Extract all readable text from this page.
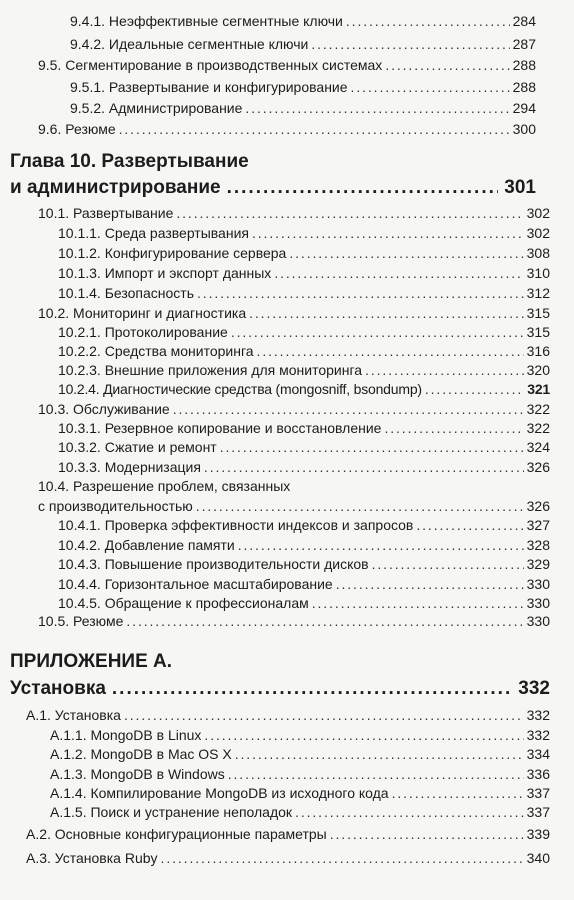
9.4.1. Неэффективные сегментные ключи . . .	284
9.4.2. Идеальные сегментные ключи . . .	287
9.5. Сегментирование в производственных системах . . .	288
9.5.1. Развертывание и конфигурирование . . .	288
9.5.2. Администрирование . . .	294
9.6. Резюме . . .	300
Глава 10. Развертывание
и администрирование .....	301
10.1. Развертывание . . .	302
10.1.1. Среда развертывания . . .	302
10.1.2. Конфигурирование сервера . . .	308
10.1.3. Импорт и экспорт данных . . .	310
10.1.4. Безопасность . . .	312
10.2. Мониторинг и диагностика . . .	315
10.2.1. Протоколирование . . .	315
10.2.2. Средства мониторинга . . .	316
10.2.3. Внешние приложения для мониторинга . . .	320
10.2.4. Диагностические средства (mongosniff, bsondump) . . .	321
10.3. Обслуживание . . .	322
10.3.1. Резервное копирование и восстановление . . .	322
10.3.2. Сжатие и ремонт . . .	324
10.3.3. Модернизация . . .	326
10.4. Разрешение проблем, связанных
с производительностью . . .	326
10.4.1. Проверка эффективности индексов и запросов . . .	327
10.4.2. Добавление памяти . . .	328
10.4.3. Повышение производительности дисков . . .	329
10.4.4. Горизонтальное масштабирование . . .	330
10.4.5. Обращение к профессионалам . . .	330
10.5. Резюме . . .	330
ПРИЛОЖЕНИЕ А.
Установка .....	332
А.1. Установка . . .	332
А.1.1. MongoDB в Linux . . .	332
А.1.2. MongoDB в Mac OS X . . .	334
А.1.3. MongoDB в Windows . . .	336
А.1.4. Компилирование MongoDB из исходного кода . . .	337
А.1.5. Поиск и устранение неполадок . . .	337
А.2. Основные конфигурационные параметры . . .	339
А.3. Установка Ruby . . .	340
